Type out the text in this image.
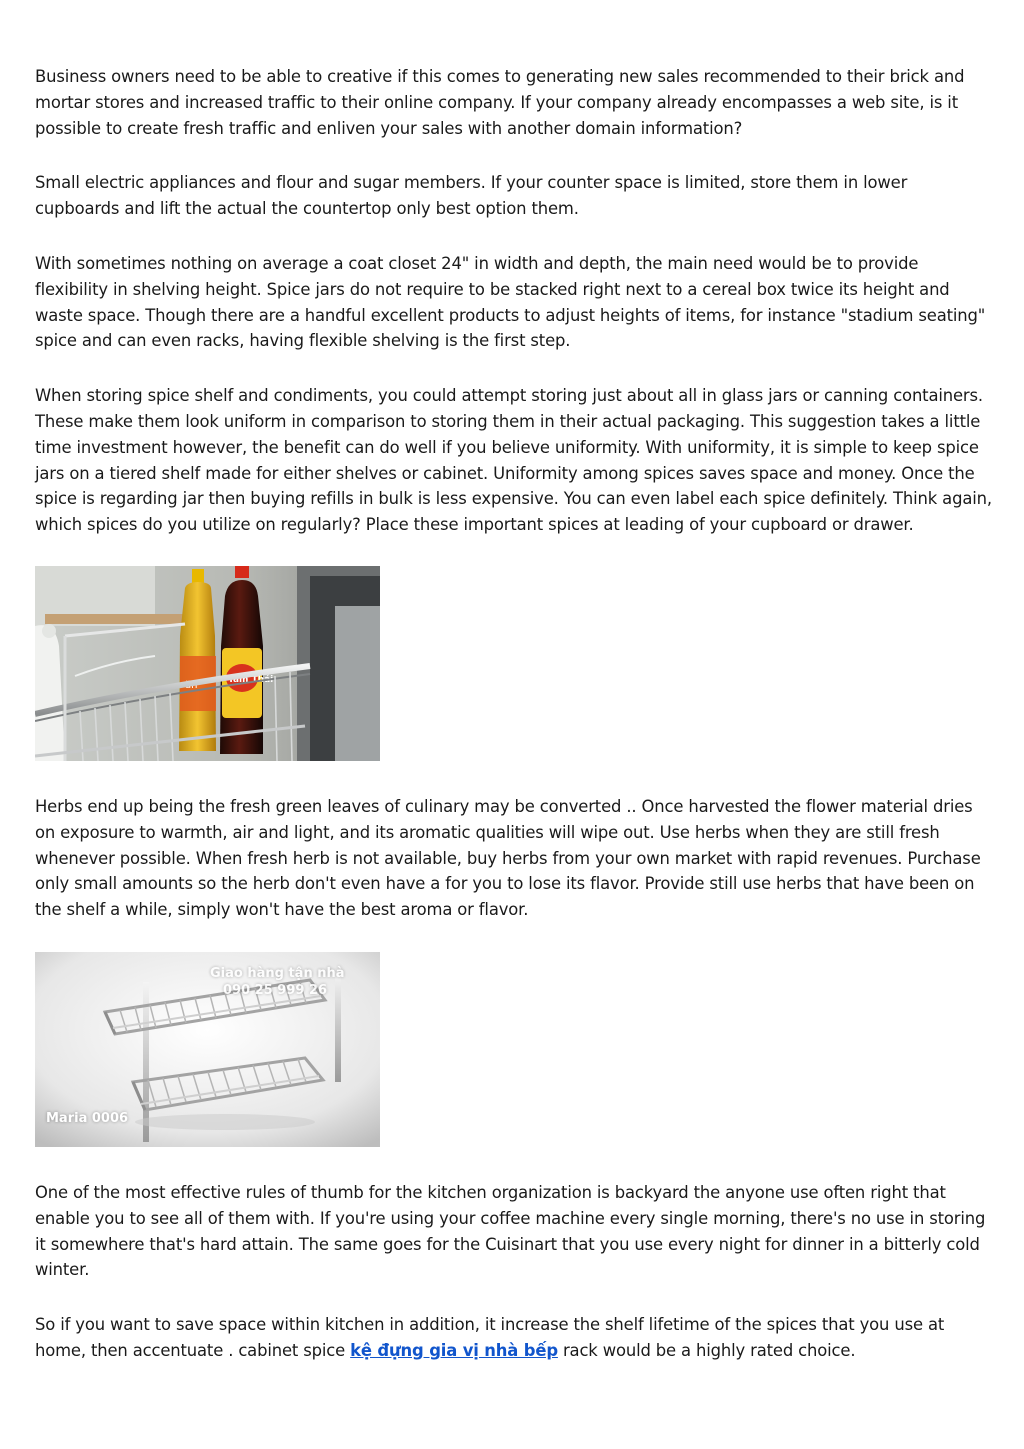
Business owners need to be able to creative if this comes to generating new sales recommended to their brick and mortar stores and increased traffic to their online company. If your company already encompasses a web site, is it possible to create fresh traffic and enliven your sales with another domain information?

Small electric appliances and flour and sugar members. If your counter space is limited, store them in lower cupboards and lift the actual the countertop only best option them.

With sometimes nothing on average a coat closet 24" in width and depth, the main need would be to provide flexibility in shelving height. Spice jars do not require to be stacked right next to a cereal box twice its height and waste space. Though there are a handful excellent products to adjust heights of items, for instance "stadium seating" spice and can even racks, having flexible shelving is the first step.

When storing spice shelf and condiments, you could attempt storing just about all in glass jars or canning containers. These make them look uniform in comparison to storing them in their actual packaging. This suggestion takes a little time investment however, the benefit can do well if you believe uniformity. With uniformity, it is simple to keep spice jars on a tiered shelf made for either shelves or cabinet. Uniformity among spices saves space and money. Once the spice is regarding jar then buying refills in bulk is less expensive. You can even label each spice definitely. Think again, which spices do you utilize on regularly? Place these important spices at leading of your cupboard or drawer.

ăn	Tam Thái

Herbs end up being the fresh green leaves of culinary may be converted .. Once harvested the flower material dries on exposure to warmth, air and light, and its aromatic qualities will wipe out. Use herbs when they are still fresh whenever possible. When fresh herb is not available, buy herbs from your own market with rapid revenues. Purchase only small amounts so the herb don't even have a for you to lose its flavor. Provide still use herbs that have been on the shelf a while, simply won't have the best aroma or flavor.

Giao hàng tận nhà
090 25 999 26
Maria 0006

One of the most effective rules of thumb for the kitchen organization is backyard the anyone use often right that enable you to see all of them with. If you're using your coffee machine every single morning, there's no use in storing it somewhere that's hard attain. The same goes for the Cuisinart that you use every night for dinner in a bitterly cold winter.

So if you want to save space within kitchen in addition, it increase the shelf lifetime of the spices that you use at home, then accentuate . cabinet spice kệ đựng gia vị nhà bếp rack would be a highly rated choice.
